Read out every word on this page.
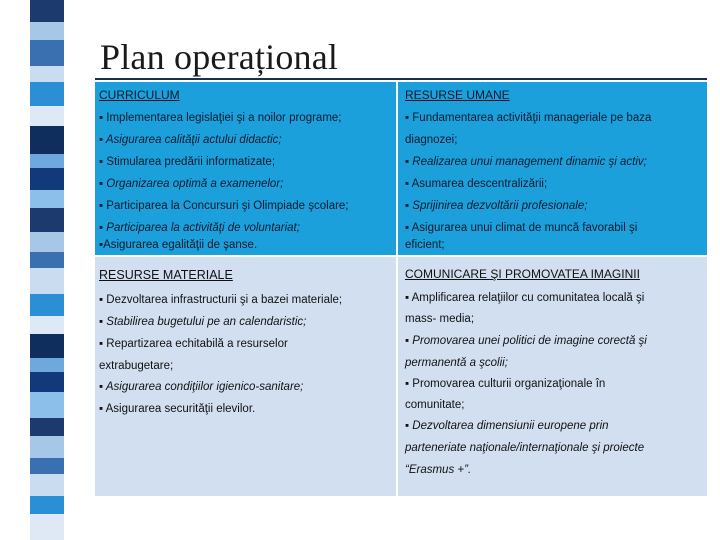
Plan operațional
CURRICULUM
▪ Implementarea legislaţiei şi a noilor programe;
▪ Asigurarea calităţii actului didactic;
▪ Stimularea predării informatizate;
▪ Organizarea optimă a examenelor;
▪ Participarea la Concursuri şi Olimpiade şcolare;
▪ Participarea la activităţi de voluntariat;
▪Asigurarea egalităţii de şanse.
RESURSE UMANE
▪ Fundamentarea activităţii manageriale pe baza
diagnozei;
▪ Realizarea unui management dinamic şi activ;
▪ Asumarea descentralizării;
▪ Sprijinirea dezvoltării profesionale;
▪ Asigurarea unui climat de muncă favorabil şi
eficient;
RESURSE MATERIALE
▪ Dezvoltarea infrastructurii şi a bazei materiale;
▪ Stabilirea bugetului pe an calendaristic;
▪ Repartizarea echitabilă a resurselor
extrabugetare;
▪ Asigurarea condiţiilor igienico-sanitare;
▪ Asigurarea securităţii elevilor.
COMUNICARE ŞI PROMOVATEA IMAGINII
▪ Amplificarea relaţiilor cu comunitatea locală şi
mass- media;
▪ Promovarea unei politici de imagine corectă şi
permanentă a şcolii;
▪ Promovarea culturii organizaţionale în
comunitate;
▪ Dezvoltarea dimensiunii europene prin
parteneriate naţionale/internaţionale şi proiecte
“Erasmus +”.
